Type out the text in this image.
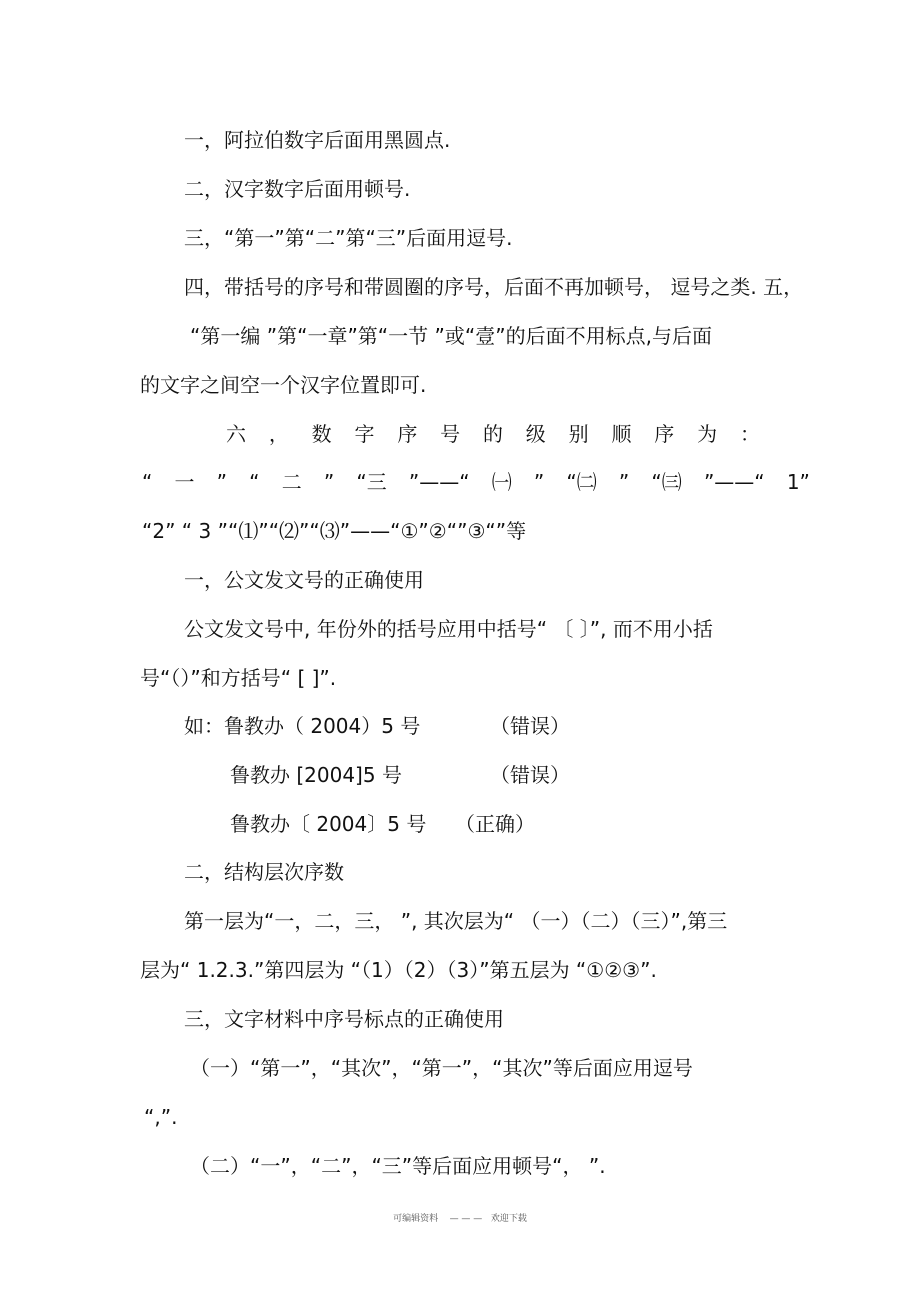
一，阿拉伯数字后面用黑圆点.
二，汉字数字后面用顿号.
三，“第一”第“二”第“三”后面用逗号.
四，带括号的序号和带圆圈的序号，后面不再加顿号， 逗号之类. 五，
“第一编 ”第“一章”第“一节 ”或“壹”的后面不用标点,与后面
的文字之间空一个汉字位置即可.
六 ， 数 字 序 号 的 级 别 顺 序 为 ：
“ 一 ” “ 二 ” “三 ”——“ ㈠ ” “㈡ ” “㈢ ”——“ 1”
“2” “ 3 ”“⑴”“⑵”“⑶”——“①”②“”③“”等
一，公文发文号的正确使用
公文发文号中, 年份外的括号应用中括号“ 〔 〕”, 而不用小括
号“（）”和方括号“ [ ]”.
如：鲁教办（ 2004）5 号	（错误）
鲁教办 [2004]5 号	（错误）
鲁教办〔 2004〕5 号 （正确）
二，结构层次序数
第一层为“一，二，三， ”, 其次层为“ （一）（二）（三）”,第三
层为“ 1.2.3.”第四层为 “（1）（2）（3）”第五层为 “①②③”.
三，文字材料中序号标点的正确使用
（一）“第一”，“其次”，“第一”，“其次”等后面应用逗号
“,”.
（二）“一”，“二”，“三”等后面应用顿号“， ”.
可编辑资料    — — —   欢迎下载
